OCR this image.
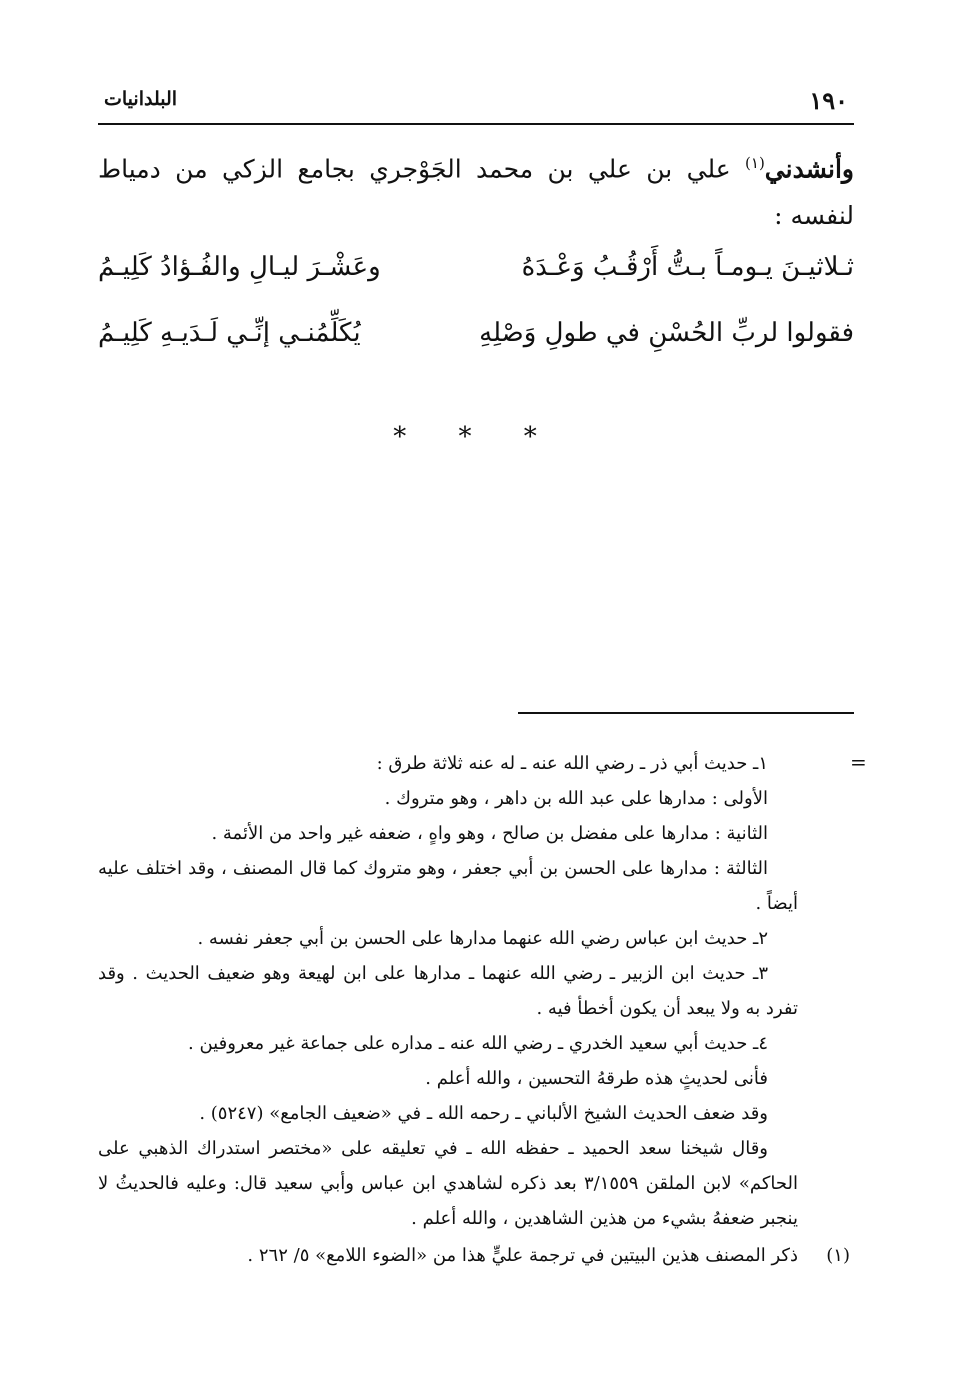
١٩٠
البلدانيات
وأنشدني$^{(١)}$ علي بن علي بن محمد الجَوْجري بجامع الزكي من دمياط لنفسه :
ثـلاثيـنَ يـومـاً بـتُّ أَرْقُـبُ وَعْـدَهُ
وعَشْـرَ ليـالِ والفُـؤادُ كَلِيـمُ
فقولوا لربِّ الحُسْنِ في طولِ وَصْلِهِ
يُكَلِّمُنـي إنِّـي لَـدَيـهِ كَلِيـمُ
* * *
=

١ـ حديث أبي ذر ـ رضي الله عنه ـ له عنه ثلاثة طرق :

الأولى : مدارها على عبد الله بن داهر ، وهو متروك .

الثانية : مدارها على مفضل بن صالح ، وهو واهٍ ، ضعفه غير واحد من الأئمة .

الثالثة : مدارها على الحسن بن أبي جعفر ، وهو متروك كما قال المصنف ، وقد اختلف عليه أيضاً .

٢ـ حديث ابن عباس رضي الله عنهما مدارها على الحسن بن أبي جعفر نفسه .

٣ـ حديث ابن الزبير ـ رضي الله عنهما ـ مدارها على ابن لهيعة وهو ضعيف الحديث . وقد تفرد به ولا يبعد أن يكون أخطأ فيه .

٤ـ حديث أبي سعيد الخدري ـ رضي الله عنه ـ مداره على جماعة غير معروفين .

فأنى لحديثٍ هذه طرقهُ التحسين ، والله أعلم .

وقد ضعف الحديث الشيخ الألباني ـ رحمه الله ـ في «ضعيف الجامع» (٥٢٤٧) .

وقال شيخنا سعد الحميد ـ حفظه الله ـ في تعليقه على «مختصر استدراك الذهبي على الحاكم» لابن الملقن ٣/١٥٥٩ بعد ذكره لشاهدي ابن عباس وأبي سعيد قال: وعليه فالحديثُ لا ينجبر ضعفهُ بشيء من هذين الشاهدين ، والله أعلم .

(١)
ذكر المصنف هذين البيتين في ترجمة عليٍّ هذا من «الضوء اللامع» ٥/ ٢٦٢ .
